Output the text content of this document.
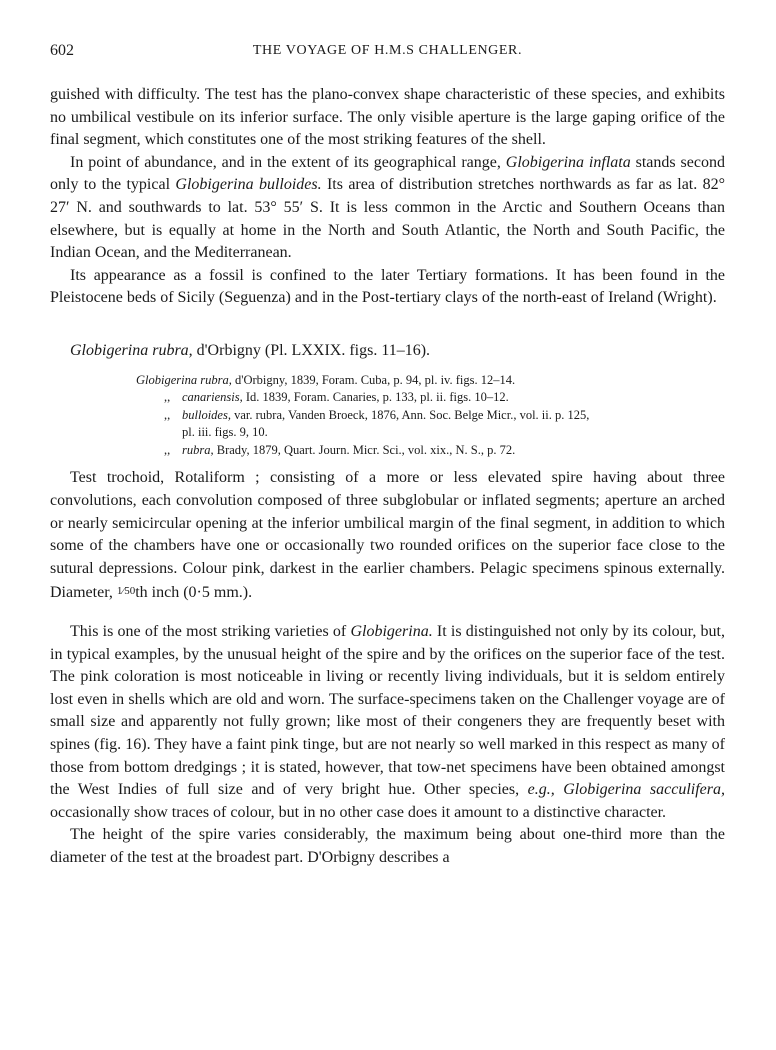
602	THE VOYAGE OF H.M.S CHALLENGER.

guished with difficulty. The test has the plano-convex shape characteristic of these species, and exhibits no umbilical vestibule on its inferior surface. The only visible aperture is the large gaping orifice of the final segment, which constitutes one of the most striking features of the shell.

In point of abundance, and in the extent of its geographical range, Globigerina inflata stands second only to the typical Globigerina bulloides. Its area of distribution stretches northwards as far as lat. 82° 27′ N. and southwards to lat. 53° 55′ S. It is less common in the Arctic and Southern Oceans than elsewhere, but is equally at home in the North and South Atlantic, the North and South Pacific, the Indian Ocean, and the Mediterranean.

Its appearance as a fossil is confined to the later Tertiary formations. It has been found in the Pleistocene beds of Sicily (Seguenza) and in the Post-tertiary clays of the north-east of Ireland (Wright).

Globigerina rubra, d'Orbigny (Pl. LXXIX. figs. 11–16).
Globigerina rubra, d'Orbigny, 1839, Foram. Cuba, p. 94, pl. iv. figs. 12–14.
,, canariensis, Id. 1839, Foram. Canaries, p. 133, pl. ii. figs. 10–12.
,, bulloides, var. rubra, Vanden Broeck, 1876, Ann. Soc. Belge Micr., vol. ii. p. 125,
pl. iii. figs. 9, 10.
,, rubra, Brady, 1879, Quart. Journ. Micr. Sci., vol. xix., N. S., p. 72.

Test trochoid, Rotaliform ; consisting of a more or less elevated spire having about three convolutions, each convolution composed of three subglobular or inflated segments; aperture an arched or nearly semicircular opening at the inferior umbilical margin of the final segment, in addition to which some of the chambers have one or occasionally two rounded orifices on the superior face close to the sutural depressions. Colour pink, darkest in the earlier chambers. Pelagic specimens spinous externally. Diameter, 1⁄50th inch (0·5 mm.).

This is one of the most striking varieties of Globigerina. It is distinguished not only by its colour, but, in typical examples, by the unusual height of the spire and by the orifices on the superior face of the test. The pink coloration is most noticeable in living or recently living individuals, but it is seldom entirely lost even in shells which are old and worn. The surface-specimens taken on the Challenger voyage are of small size and apparently not fully grown; like most of their congeners they are frequently beset with spines (fig. 16). They have a faint pink tinge, but are not nearly so well marked in this respect as many of those from bottom dredgings ; it is stated, however, that tow-net specimens have been obtained amongst the West Indies of full size and of very bright hue. Other species, e.g., Globigerina sacculifera, occasionally show traces of colour, but in no other case does it amount to a distinctive character.

The height of the spire varies considerably, the maximum being about one-third more than the diameter of the test at the broadest part. D'Orbigny describes a
